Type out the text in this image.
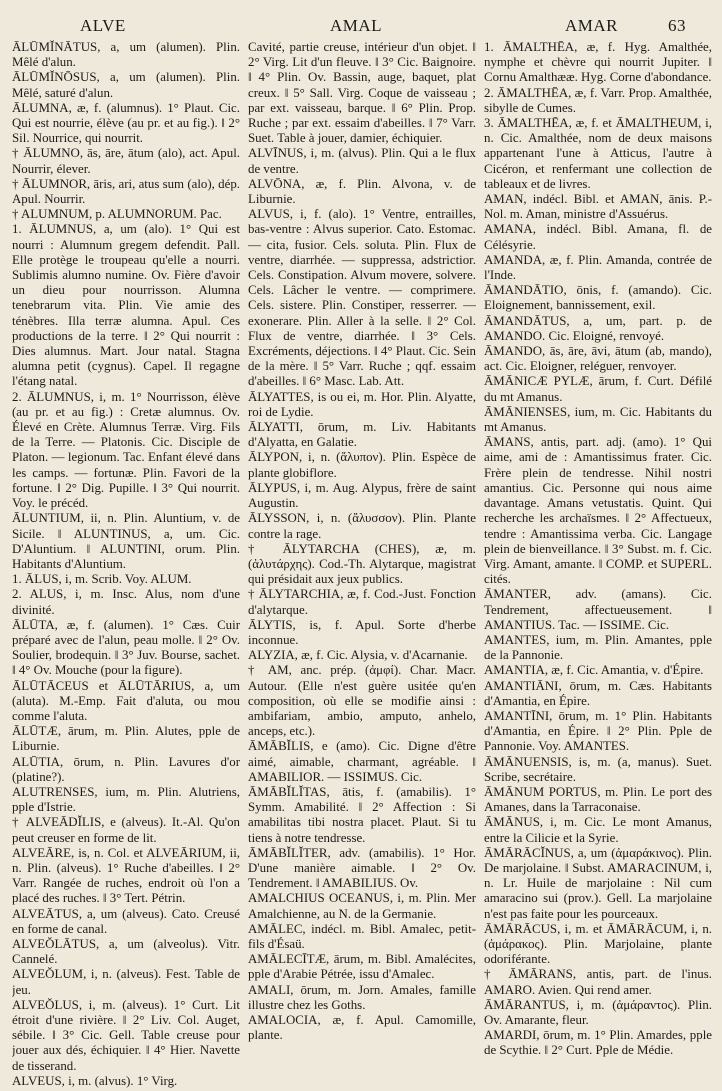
ALVE	AMAL	AMAR	63

ĀLŪMĬNĀTUS, a, um (alumen). Plin. Mêlé d'alun.

ĀLŪMĬNŌSUS, a, um (alumen). Plin. Mêlé, saturé d'alun.

ĀLUMNA, æ, f. (alumnus). 1° Plaut. Cic. Qui est nourrie, élève (au pr. et au fig.). ‖ 2° Sil. Nourrice, qui nourrit.

† ĀLUMNO, ās, āre, ātum (alo), act. Apul. Nourrir, élever.

† ĀLUMNOR, āris, ari, atus sum (alo), dép. Apul. Nourrir.

† ALUMNUM, p. ALUMNORUM. Pac.

1. ĀLUMNUS, a, um (alo). 1° Qui est nourri : Alumnum gregem defendit. Pall. Elle protège le troupeau qu'elle a nourri. Sublimis alumno numine. Ov. Fière d'avoir un dieu pour nourrisson. Alumna tenebrarum vita. Plin. Vie amie des ténèbres. Illa terræ alumna. Apul. Ces productions de la terre. ‖ 2° Qui nourrit : Dies alumnus. Mart. Jour natal. Stagna alumna petit (cygnus). Capel. Il regagne l'étang natal.

2. ĀLUMNUS, i, m. 1° Nourrisson, élève (au pr. et au fig.) : Cretæ alumnus. Ov. Élevé en Crète. Alumnus Terræ. Virg. Fils de la Terre. — Platonis. Cic. Disciple de Platon. — legionum. Tac. Enfant élevé dans les camps. — fortunæ. Plin. Favori de la fortune. ‖ 2° Dig. Pupille. ‖ 3° Qui nourrit. Voy. le précéd.

ĀLUNTIUM, ii, n. Plin. Aluntium, v. de Sicile. ‖ ALUNTINUS, a, um. Cic. D'Aluntium. ‖ ALUNTINI, orum. Plin. Habitants d'Aluntium.

1. ĀLUS, i, m. Scrib. Voy. ALUM.

2. ALUS, i, m. Insc. Alus, nom d'une divinité.

ĀLŪTA, æ, f. (alumen). 1° Cæs. Cuir préparé avec de l'alun, peau molle. ‖ 2° Ov. Soulier, brodequin. ‖ 3° Juv. Bourse, sachet. ‖ 4° Ov. Mouche (pour la figure).

ĀLŪTĀCEUS et ĀLŪTĀRIUS, a, um (aluta). M.-Emp. Fait d'aluta, ou mou comme l'aluta.

ĀLŪTÆ, ārum, m. Plin. Alutes, pple de Liburnie.

ALŪTIA, ōrum, n. Plin. Lavures d'or (platine?).

ALUTRENSES, ium, m. Plin. Alutriens, pple d'Istrie.

† ALVEĀDĬLIS, e (alveus). It.-Al. Qu'on peut creuser en forme de lit.

ALVEĀRE, is, n. Col. et ALVEĀRIUM, ii, n. Plin. (alveus). 1° Ruche d'abeilles. ‖ 2° Varr. Rangée de ruches, endroit où l'on a placé des ruches. ‖ 3° Tert. Pétrin.

ALVEĀTUS, a, um (alveus). Cato. Creusé en forme de canal.

ALVEŎLĀTUS, a, um (alveolus). Vitr. Cannelé.

ALVEŎLUM, i, n. (alveus). Fest. Table de jeu.

ALVEŎLUS, i, m. (alveus). 1° Curt. Lit étroit d'une rivière. ‖ 2° Liv. Col. Auget, sébile. ‖ 3° Cic. Gell. Table creuse pour jouer aux dés, échiquier. ‖ 4° Hier. Navette de tisserand.

ALVEUS, i, m. (alvus). 1° Virg.

Cavité, partie creuse, intérieur d'un objet. ‖ 2° Virg. Lit d'un fleuve. ‖ 3° Cic. Baignoire. ‖ 4° Plin. Ov. Bassin, auge, baquet, plat creux. ‖ 5° Sall. Virg. Coque de vaisseau ; par ext. vaisseau, barque. ‖ 6° Plin. Prop. Ruche ; par ext. essaim d'abeilles. ‖ 7° Varr. Suet. Table à jouer, damier, échiquier.

ALVĪNUS, i, m. (alvus). Plin. Qui a le flux de ventre.

ALVŌNA, æ, f. Plin. Alvona, v. de Liburnie.

ALVUS, i, f. (alo). 1° Ventre, entrailles, bas-ventre : Alvus superior. Cato. Estomac. — cita, fusior. Cels. soluta. Plin. Flux de ventre, diarrhée. — suppressa, adstrictior. Cels. Constipation. Alvum movere, solvere. Cels. Lâcher le ventre. — comprimere. Cels. sistere. Plin. Constiper, resserrer. — exonerare. Plin. Aller à la selle. ‖ 2° Col. Flux de ventre, diarrhée. ‖ 3° Cels. Excréments, déjections. ‖ 4° Plaut. Cic. Sein de la mère. ‖ 5° Varr. Ruche ; qqf. essaim d'abeilles. ‖ 6° Masc. Lab. Att.

ĀLYATTES, is ou ei, m. Hor. Plin. Alyatte, roi de Lydie.

ĀLYATTI, ōrum, m. Liv. Habitants d'Alyatta, en Galatie.

ĀLYPON, i, n. (ἄλυπον). Plin. Espèce de plante globiflore.

ĀLYPUS, i, m. Aug. Alypus, frère de saint Augustin.

ĀLYSSON, i, n. (ἄλυσσον). Plin. Plante contre la rage.

† ĀLYTARCHA (CHES), æ, m. (ἀλυτάρχης). Cod.-Th. Alytarque, magistrat qui présidait aux jeux publics.

† ĀLYTARCHIA, æ, f. Cod.-Just. Fonction d'alytarque.

ĀLYTIS, is, f. Apul. Sorte d'herbe inconnue.

ALYZIA, æ, f. Cic. Alysia, v. d'Acarnanie.

† AM, anc. prép. (ἀμφί). Char. Macr. Autour. (Elle n'est guère usitée qu'en composition, où elle se modifie ainsi : ambifariam, ambio, amputo, anhelo, anceps, etc.).

ĀMĀBĬLIS, e (amo). Cic. Digne d'être aimé, aimable, charmant, agréable. ‖ AMABILIOR. — ISSIMUS. Cic.

ĀMĀBĬLĬTAS, ātis, f. (amabilis). 1° Symm. Amabilité. ‖ 2° Affection : Si amabilitas tibi nostra placet. Plaut. Si tu tiens à notre tendresse.

ĀMĀBĬLĬTER, adv. (amabilis). 1° Hor. D'une manière aimable. ‖ 2° Ov. Tendrement. ‖ AMABILIUS. Ov.

AMALCHIUS OCEANUS, i, m. Plin. Mer Amalchienne, au N. de la Germanie.

AMĀLEC, indécl. m. Bibl. Amalec, petit-fils d'Ésaü.

AMĀLECĪTÆ, ārum, m. Bibl. Amalécites, pple d'Arabie Pétrée, issu d'Amalec.

AMALI, ōrum, m. Jorn. Amales, famille illustre chez les Goths.

AMALOCIA, æ, f. Apul. Camomille, plante.

1. ĀMALTHĒA, æ, f. Hyg. Amalthée, nymphe et chèvre qui nourrit Jupiter. ‖ Cornu Amalthææ. Hyg. Corne d'abondance.

2. ĀMALTHĒA, æ, f. Varr. Prop. Amalthée, sibylle de Cumes.

3. ĀMALTHĒA, æ, f. et ĀMALTHEUM, i, n. Cic. Amalthée, nom de deux maisons appartenant l'une à Atticus, l'autre à Cicéron, et renfermant une collection de tableaux et de livres.

AMAN, indécl. Bibl. et AMAN, ānis. P.-Nol. m. Aman, ministre d'Assuérus.

AMANA, indécl. Bibl. Amana, fl. de Célésyrie.

AMANDA, æ, f. Plin. Amanda, contrée de l'Inde.

ĀMANDĀTIO, ōnis, f. (amando). Cic. Eloignement, bannissement, exil.

ĀMANDĀTUS, a, um, part. p. de AMANDO. Cic. Eloigné, renvoyé.

ĀMANDO, ās, āre, āvi, ātum (ab, mando), act. Cic. Eloigner, reléguer, renvoyer.

ĀMĀNICÆ PYLÆ, ārum, f. Curt. Défilé du mt Amanus.

ĀMĀNIENSES, ium, m. Cic. Habitants du mt Amanus.

ĀMANS, antis, part. adj. (amo). 1° Qui aime, ami de : Amantissimus frater. Cic. Frère plein de tendresse. Nihil nostri amantius. Cic. Personne qui nous aime davantage. Amans vetustatis. Quint. Qui recherche les archaïsmes. ‖ 2° Affectueux, tendre : Amantissima verba. Cic. Langage plein de bienveillance. ‖ 3° Subst. m. f. Cic. Virg. Amant, amante. ‖ COMP. et SUPERL. cités.

ĀMANTER, adv. (amans). Cic. Tendrement, affectueusement. ‖ AMANTIUS. Tac. — ISSIME. Cic.

AMANTES, ium, m. Plin. Amantes, pple de la Pannonie.

AMANTIA, æ, f. Cic. Amantia, v. d'Épire.

AMANTIĀNI, ōrum, m. Cæs. Habitants d'Amantia, en Épire.

AMANTĪNI, ōrum, m. 1° Plin. Habitants d'Amantia, en Épire. ‖ 2° Plin. Pple de Pannonie. Voy. AMANTES.

ĀMĀNUENSIS, is, m. (a, manus). Suet. Scribe, secrétaire.

ĀMĀNUM PORTUS, m. Plin. Le port des Amanes, dans la Tarraconaise.

ĀMĀNUS, i, m. Cic. Le mont Amanus, entre la Cilicie et la Syrie.

ĀMĀRĀCĬNUS, a, um (ἀμαράκινος). Plin. De marjolaine. ‖ Subst. AMARACINUM, i, n. Lr. Huile de marjolaine : Nil cum amaracino sui (prov.). Gell. La marjolaine n'est pas faite pour les pourceaux.

ĀMĀRĀCUS, i, m. et ĀMĀRĀCUM, i, n. (ἀμάρακος). Plin. Marjolaine, plante odoriférante.

† ĀMĀRANS, antis, part. de l'inus. AMARO. Avien. Qui rend amer.

ĀMĀRANTUS, i, m. (ἀμάραντος). Plin. Ov. Amarante, fleur.

AMARDI, ōrum, m. 1° Plin. Amardes, pple de Scythie. ‖ 2° Curt. Pple de Médie.
